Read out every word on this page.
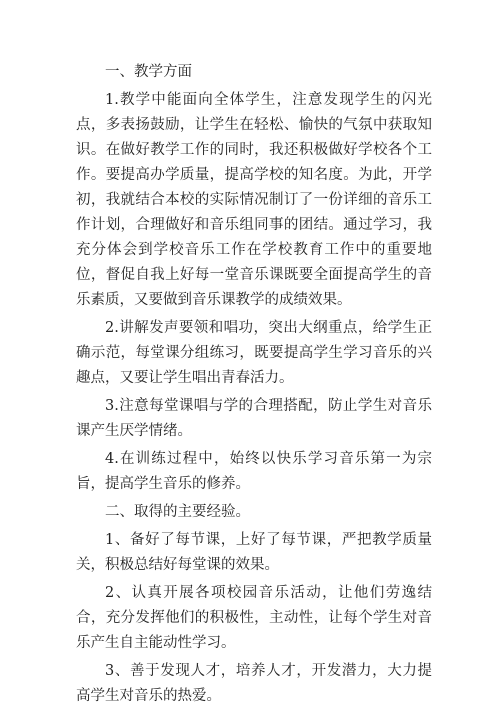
一、教学方面

1.教学中能面向全体学生，注意发现学生的闪光点，多表扬鼓励，让学生在轻松、愉快的气氛中获取知识。在做好教学工作的同时，我还积极做好学校各个工作。要提高办学质量，提高学校的知名度。为此，开学初，我就结合本校的实际情况制订了一份详细的音乐工作计划，合理做好和音乐组同事的团结。通过学习，我充分体会到学校音乐工作在学校教育工作中的重要地位，督促自我上好每一堂音乐课既要全面提高学生的音乐素质，又要做到音乐课教学的成绩效果。

2.讲解发声要领和唱功，突出大纲重点，给学生正确示范，每堂课分组练习，既要提高学生学习音乐的兴趣点，又要让学生唱出青春活力。

3.注意每堂课唱与学的合理搭配，防止学生对音乐课产生厌学情绪。

4.在训练过程中，始终以快乐学习音乐第一为宗旨，提高学生音乐的修养。

二、取得的主要经验。

1、备好了每节课，上好了每节课，严把教学质量关，积极总结好每堂课的效果。

2、认真开展各项校园音乐活动，让他们劳逸结合，充分发挥他们的积极性，主动性，让每个学生对音乐产生自主能动性学习。

3、善于发现人才，培养人才，开发潜力，大力提高学生对音乐的热爱。
